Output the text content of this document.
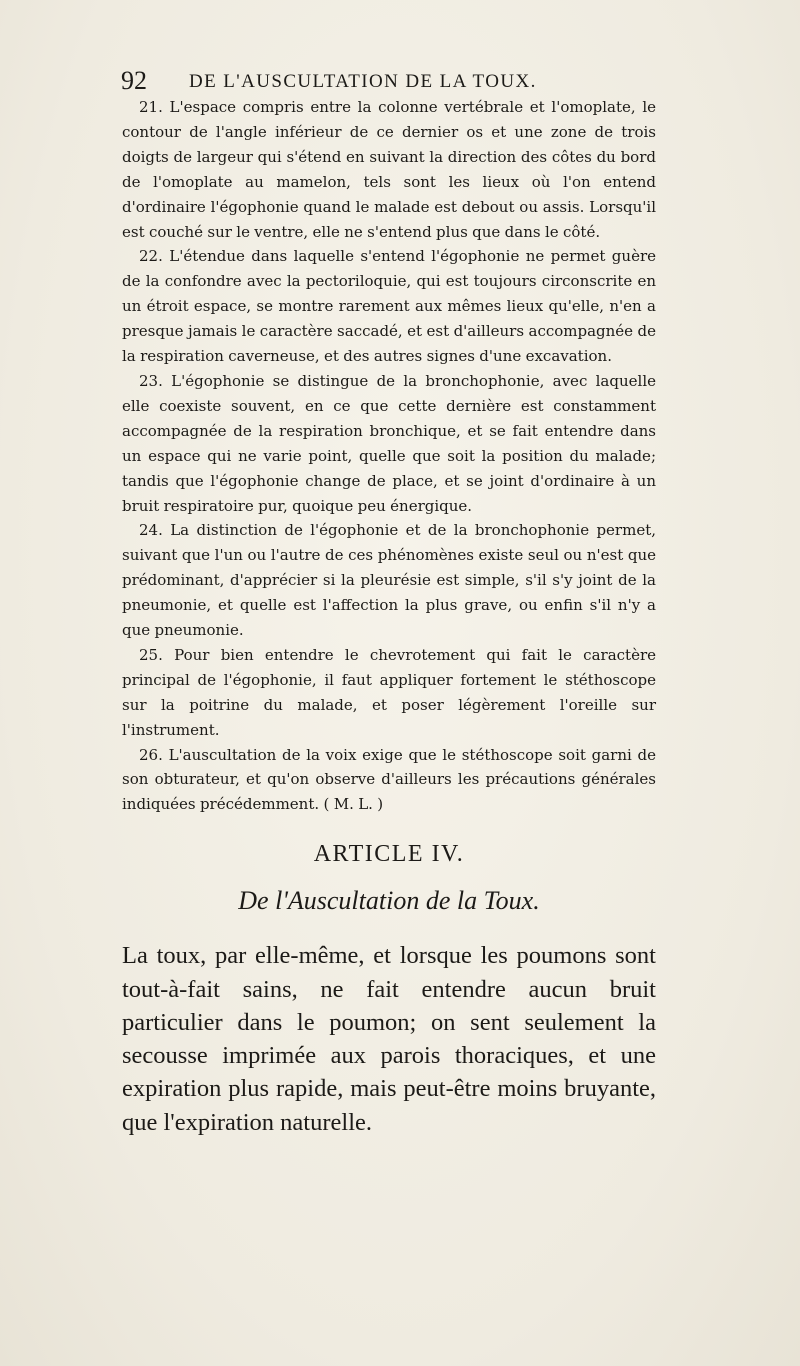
92 DE L'AUSCULTATION DE LA TOUX.

21. L'espace compris entre la colonne vertébrale et l'omoplate, le contour de l'angle inférieur de ce dernier os et une zone de trois doigts de largeur qui s'étend en suivant la direction des côtes du bord de l'omoplate au mamelon, tels sont les lieux où l'on entend d'ordinaire l'égophonie quand le malade est debout ou assis. Lorsqu'il est couché sur le ventre, elle ne s'entend plus que dans le côté.

22. L'étendue dans laquelle s'entend l'égophonie ne permet guère de la confondre avec la pectoriloquie, qui est toujours circonscrite en un étroit espace, se montre rarement aux mêmes lieux qu'elle, n'en a presque jamais le caractère saccadé, et est d'ailleurs accompagnée de la respiration caverneuse, et des autres signes d'une excavation.

23. L'égophonie se distingue de la bronchophonie, avec laquelle elle coexiste souvent, en ce que cette dernière est constamment accompagnée de la respiration bronchique, et se fait entendre dans un espace qui ne varie point, quelle que soit la position du malade; tandis que l'égophonie change de place, et se joint d'ordinaire à un bruit respiratoire pur, quoique peu énergique.

24. La distinction de l'égophonie et de la bronchophonie permet, suivant que l'un ou l'autre de ces phénomènes existe seul ou n'est que prédominant, d'apprécier si la pleurésie est simple, s'il s'y joint de la pneumonie, et quelle est l'affection la plus grave, ou enfin s'il n'y a que pneumonie.

25. Pour bien entendre le chevrotement qui fait le caractère principal de l'égophonie, il faut appliquer fortement le stéthoscope sur la poitrine du malade, et poser légèrement l'oreille sur l'instrument.

26. L'auscultation de la voix exige que le stéthoscope soit garni de son obturateur, et qu'on observe d'ailleurs les précautions générales indiquées précédemment. ( M. L. )

ARTICLE IV.
De l'Auscultation de la Toux.

La toux, par elle-même, et lorsque les poumons sont tout-à-fait sains, ne fait entendre aucun bruit particulier dans le poumon; on sent seulement la secousse imprimée aux parois thoraciques, et une expiration plus rapide, mais peut-être moins bruyante, que l'expiration naturelle.
